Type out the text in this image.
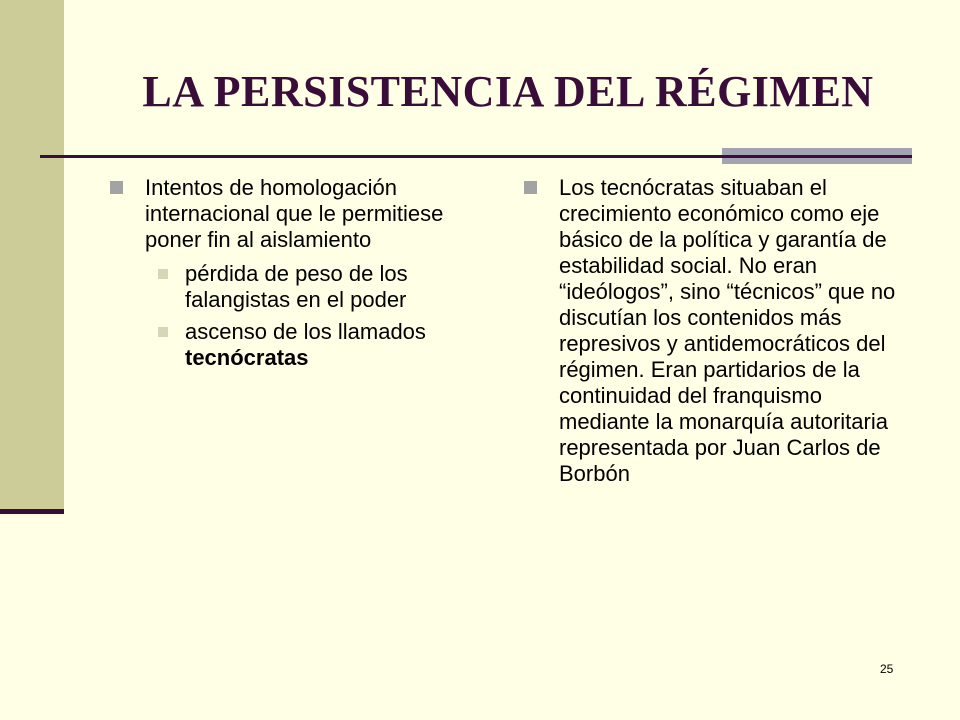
LA PERSISTENCIA DEL RÉGIMEN
Intentos de homologación internacional que le permitiese poner fin al aislamiento
pérdida de peso de los falangistas en el poder
ascenso de los llamados tecnócratas
Los tecnócratas situaban el crecimiento económico como eje básico de la política y garantía de estabilidad social. No eran “ideólogos”, sino “técnicos” que no discutían los contenidos más represivos y antidemocráticos del régimen. Eran partidarios de la continuidad del franquismo mediante la monarquía autoritaria representada por Juan Carlos de Borbón
25
